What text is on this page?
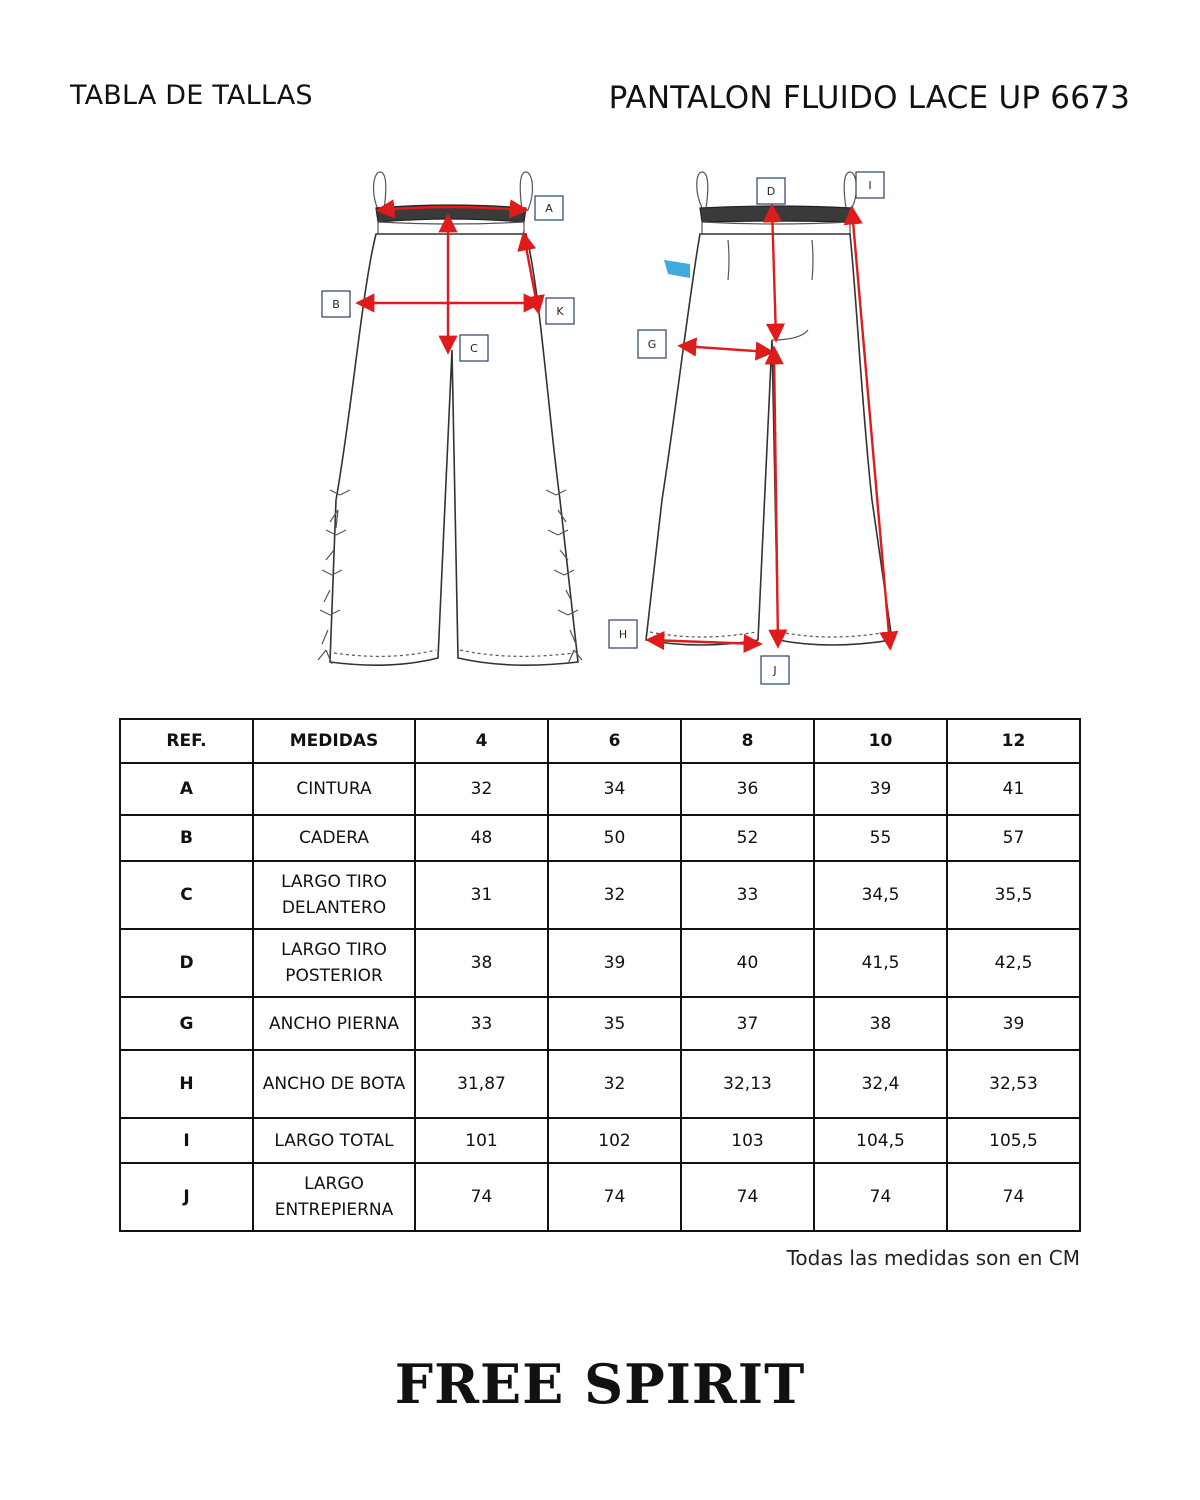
TABLA DE TALLAS	PANTALON FLUIDO LACE UP 6673
A
B
C
K
D	I
G
H
J
REF.	MEDIDAS	4	6	8	10	12
A	CINTURA	32	34	36	39	41
B	CADERA	48	50	52	55	57
C	LARGO TIRO DELANTERO	31	32	33	34,5	35,5
D	LARGO TIRO POSTERIOR	38	39	40	41,5	42,5
G	ANCHO PIERNA	33	35	37	38	39
H	ANCHO DE BOTA	31,87	32	32,13	32,4	32,53
I	LARGO TOTAL	101	102	103	104,5	105,5
J	LARGO ENTREPIERNA	74	74	74	74	74
Todas las medidas son en CM
FREE SPIRIT
